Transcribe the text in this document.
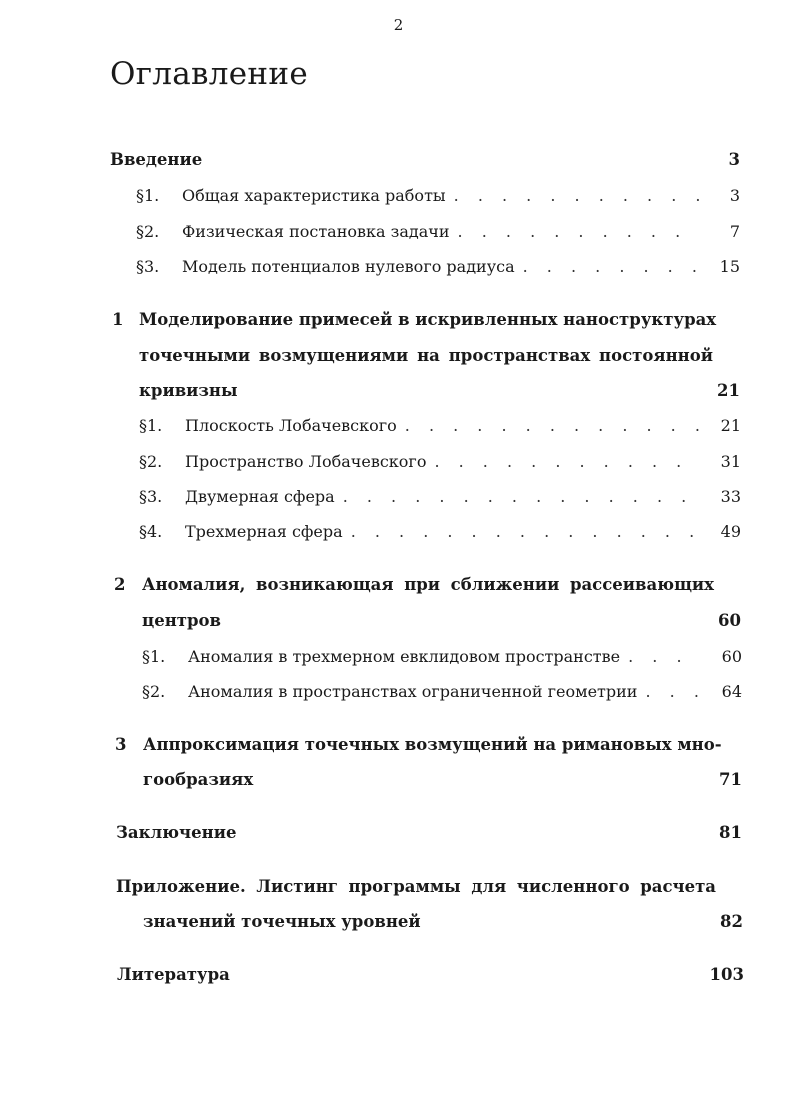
2
Оглавление
Введение	3
§1.	Общая характеристика работы . . .	3
§2.	Физическая постановка задачи . . .	7
§3.	Модель потенциалов нулевого радиуса . . .	15
1 Моделирование примесей в искривленных наноструктурах
точечными возмущениями на пространствах постоянной
кривизны	21
§1.	Плоскость Лобачевского . . .	21
§2.	Пространство Лобачевского . . .	31
§3.	Двумерная сфера . . .	33
§4.	Трехмерная сфера . . .	49
2 Аномалия, возникающая при сближении рассеивающих
центров	60
§1.	Аномалия в трехмерном евклидовом пространстве . . .	60
§2.	Аномалия в пространствах ограниченной геометрии . . .	64
3 Аппроксимация точечных возмущений на римановых мно-
гообразиях	71
Заключение	81
Приложение. Листинг программы для численного расчета
значений точечных уровней	82
Литература	103
